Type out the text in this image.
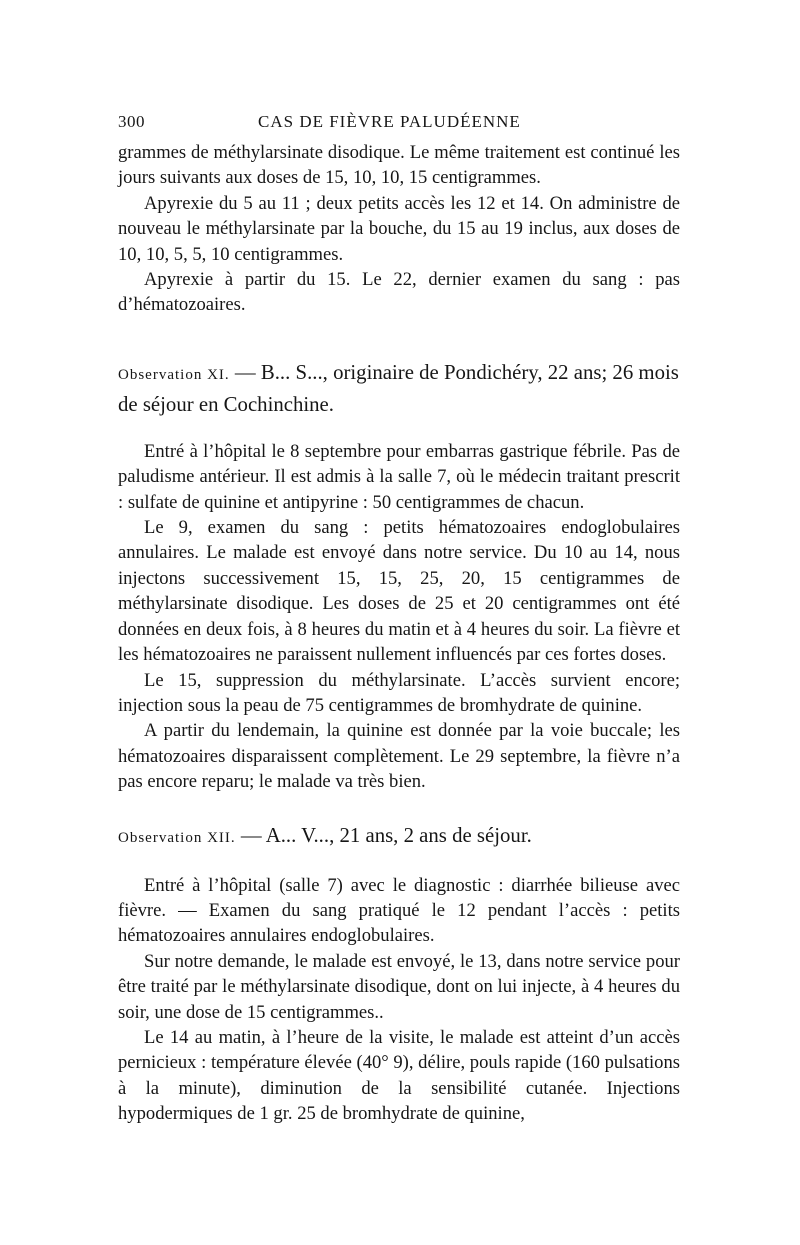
300	CAS DE FIÈVRE PALUDÉENNE

grammes de méthylarsinate disodique. Le même traitement est continué les jours suivants aux doses de 15, 10, 10, 15 centigrammes.

Apyrexie du 5 au 11 ; deux petits accès les 12 et 14. On administre de nouveau le méthylarsinate par la bouche, du 15 au 19 inclus, aux doses de 10, 10, 5, 5, 10 centigrammes.

Apyrexie à partir du 15. Le 22, dernier examen du sang : pas d’hématozoaires.

Observation XI. — B... S..., originaire de Pondichéry, 22 ans; 26 mois de séjour en Cochinchine.

Entré à l’hôpital le 8 septembre pour embarras gastrique fébrile. Pas de paludisme antérieur. Il est admis à la salle 7, où le médecin traitant prescrit : sulfate de quinine et antipyrine : 50 centigrammes de chacun.

Le 9, examen du sang : petits hématozoaires endoglobulaires annulaires. Le malade est envoyé dans notre service. Du 10 au 14, nous injectons successivement 15, 15, 25, 20, 15 centigrammes de méthylarsinate disodique. Les doses de 25 et 20 centigrammes ont été données en deux fois, à 8 heures du matin et à 4 heures du soir. La fièvre et les hématozoaires ne paraissent nullement influencés par ces fortes doses.

Le 15, suppression du méthylarsinate. L’accès survient encore; injection sous la peau de 75 centigrammes de bromhydrate de quinine.

A partir du lendemain, la quinine est donnée par la voie buccale; les hématozoaires disparaissent complètement. Le 29 septembre, la fièvre n’a pas encore reparu; le malade va très bien.

Observation XII. — A... V..., 21 ans, 2 ans de séjour.

Entré à l’hôpital (salle 7) avec le diagnostic : diarrhée bilieuse avec fièvre. — Examen du sang pratiqué le 12 pendant l’accès : petits hématozoaires annulaires endoglobulaires.

Sur notre demande, le malade est envoyé, le 13, dans notre service pour être traité par le méthylarsinate disodique, dont on lui injecte, à 4 heures du soir, une dose de 15 centigrammes..

Le 14 au matin, à l’heure de la visite, le malade est atteint d’un accès pernicieux : température élevée (40° 9), délire, pouls rapide (160 pulsations à la minute), diminution de la sensibilité cutanée. Injections hypodermiques de 1 gr. 25 de bromhydrate de quinine,
